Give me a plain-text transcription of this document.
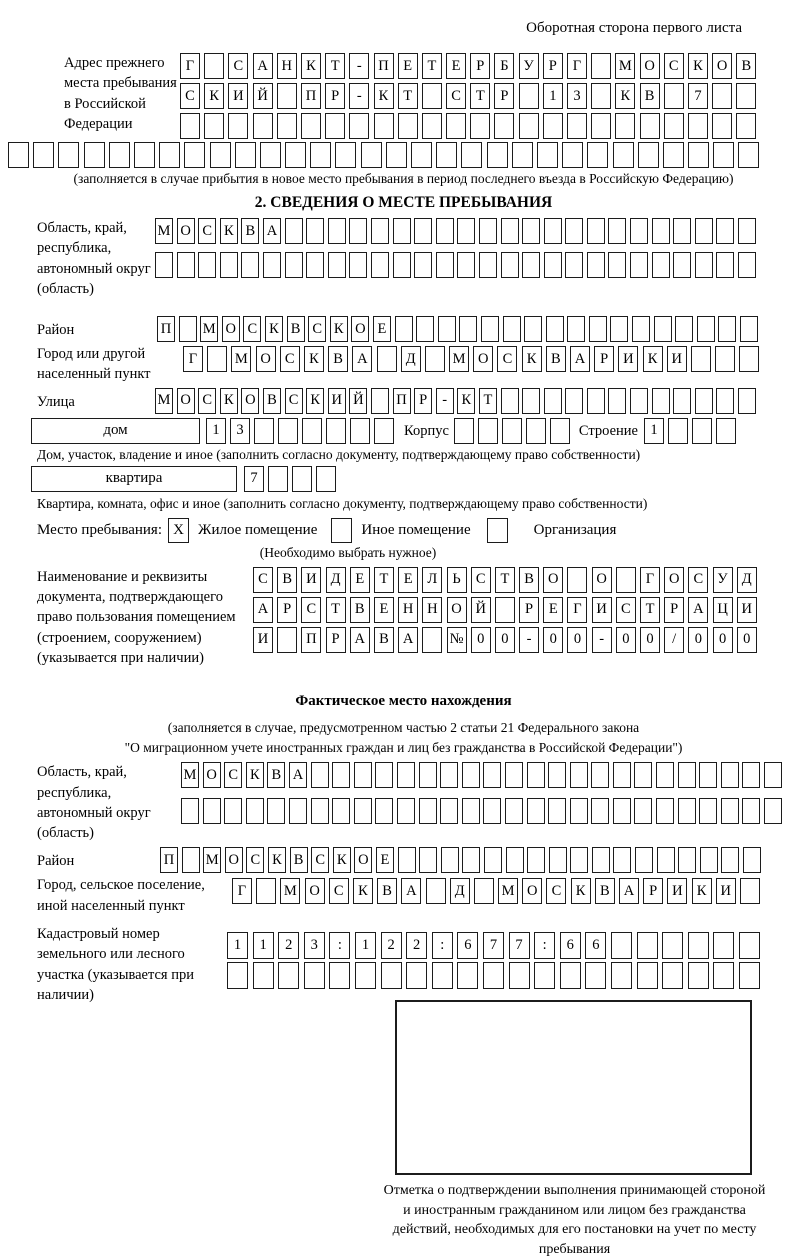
Оборотная сторона первого листа
Адрес прежнего места пребывания в Российской Федерации
Г	С А Н К	Т	-	П	Е	Т	Е	Р	Б	У	Р	Г	М О С	К О В
С	К И Й	П	Р	-	К	Т	С	Т	Р	1	3	К	В	7
(заполняется в случае прибытия в новое место пребывания в период последнего въезда в Российскую Федерацию)
2. СВЕДЕНИЯ О МЕСТЕ ПРЕБЫВАНИЯ
Область, край, республика, автономный округ (область)
М О С К В А
Район	П М О С К В С К О Е
Город или другой населенный пункт
Г	М О С	К	В А	Д	М О С	К	В А	Р	И К И
Улица	М О С К О В С К И Й П Р	- К Т
дом	1	3	Корпус	Строение 1
Дом, участок, владение и иное (заполнить согласно документу, подтверждающему право собственности)
квартира	7
Квартира, комната, офис и иное (заполнить согласно документу, подтверждающему право собственности)
Место пребывания: X Жилое помещение	Иное помещение	Организация
(Необходимо выбрать нужное)
Наименование и реквизиты документа, подтверждающего право пользования помещением (строением, сооружением) (указывается при наличии)
С	В И Д	Е	Т	Е	Л	Ь	С	Т	В О	О	Г	О С У Д
А	Р	С	Т	В	Е	Н Н О Й	Р	Е	Г	И С	Т	Р	А Ц И
И	П	Р	А В А	№ 0	0	-	0	0	-	0	0	/	0	0	0
Фактическое место нахождения
(заполняется в случае, предусмотренном частью 2 статьи 21 Федерального закона
"О миграционном учете иностранных граждан и лиц без гражданства в Российской Федерации")
Область, край, республика, автономный округ (область)
М О С К В А
Район	П М О С К В С К О Е
Город, сельское поселение, иной населенный пункт
Г	М О С	К	В А	Д	М О С	К	В А	Р	И К И
Кадастровый номер земельного или лесного участка (указывается при наличии)
1	1	2	3	:	1	2	2	:	6	7	7	:	6	6
Отметка о подтверждении выполнения принимающей стороной и иностранным гражданином или лицом без гражданства действий, необходимых для его постановки на учет по месту пребывания
